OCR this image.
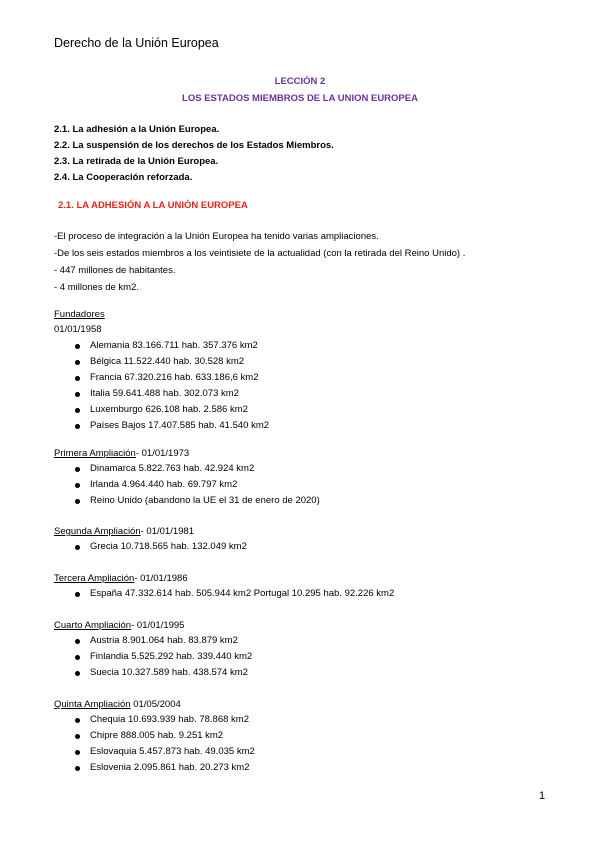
Derecho de la Unión Europea
LECCIÓN 2
LOS ESTADOS MIEMBROS DE LA UNION EUROPEA
2.1. La adhesión a la Unión Europea.
2.2. La suspensión de los derechos de los Estados Miembros.
2.3. La retirada de la Unión Europea.
2.4. La Cooperación reforzada.
2.1. LA ADHESIÓN A LA UNIÓN EUROPEA
-El proceso de integración a la Unión Europea ha tenido varias ampliaciones.
-De los seis estados miembros a los veintisiete de la actualidad (con la retirada del Reino Unido) .
- 447 millones de habitantes.
- 4 millones de km2.
Fundadores
01/01/1958
Alemania 83.166.711 hab. 357.376 km2
Bélgica 11.522.440 hab. 30.528 km2
Francia 67.320.216 hab. 633.186,6 km2
Italia 59.641.488 hab. 302.073 km2
Luxemburgo 626.108 hab. 2.586 km2
Países Bajos 17.407.585 hab. 41.540 km2
Primera Ampliación- 01/01/1973
Dinamarca 5.822.763 hab. 42.924 km2
Irlanda 4.964.440 hab. 69.797 km2
Reino Unido (abandono la UE el 31 de enero de 2020)
Segunda Ampliación- 01/01/1981
Grecia 10.718.565 hab. 132.049 km2
Tercera Ampliación- 01/01/1986
España 47.332.614 hab. 505.944 km2 Portugal 10.295 hab. 92.226 km2
Cuarto Ampliación- 01/01/1995
Austria 8.901.064 hab. 83.879 km2
Finlandia 5.525.292 hab. 339.440 km2
Suecia 10.327.589 hab. 438.574 km2
Quinta Ampliación 01/05/2004
Chequia 10.693.939 hab. 78.868 km2
Chipre 888.005 hab. 9.251 km2
Eslovaquia 5.457.873 hab. 49.035 km2
Eslovenia 2.095.861 hab. 20.273 km2
1
